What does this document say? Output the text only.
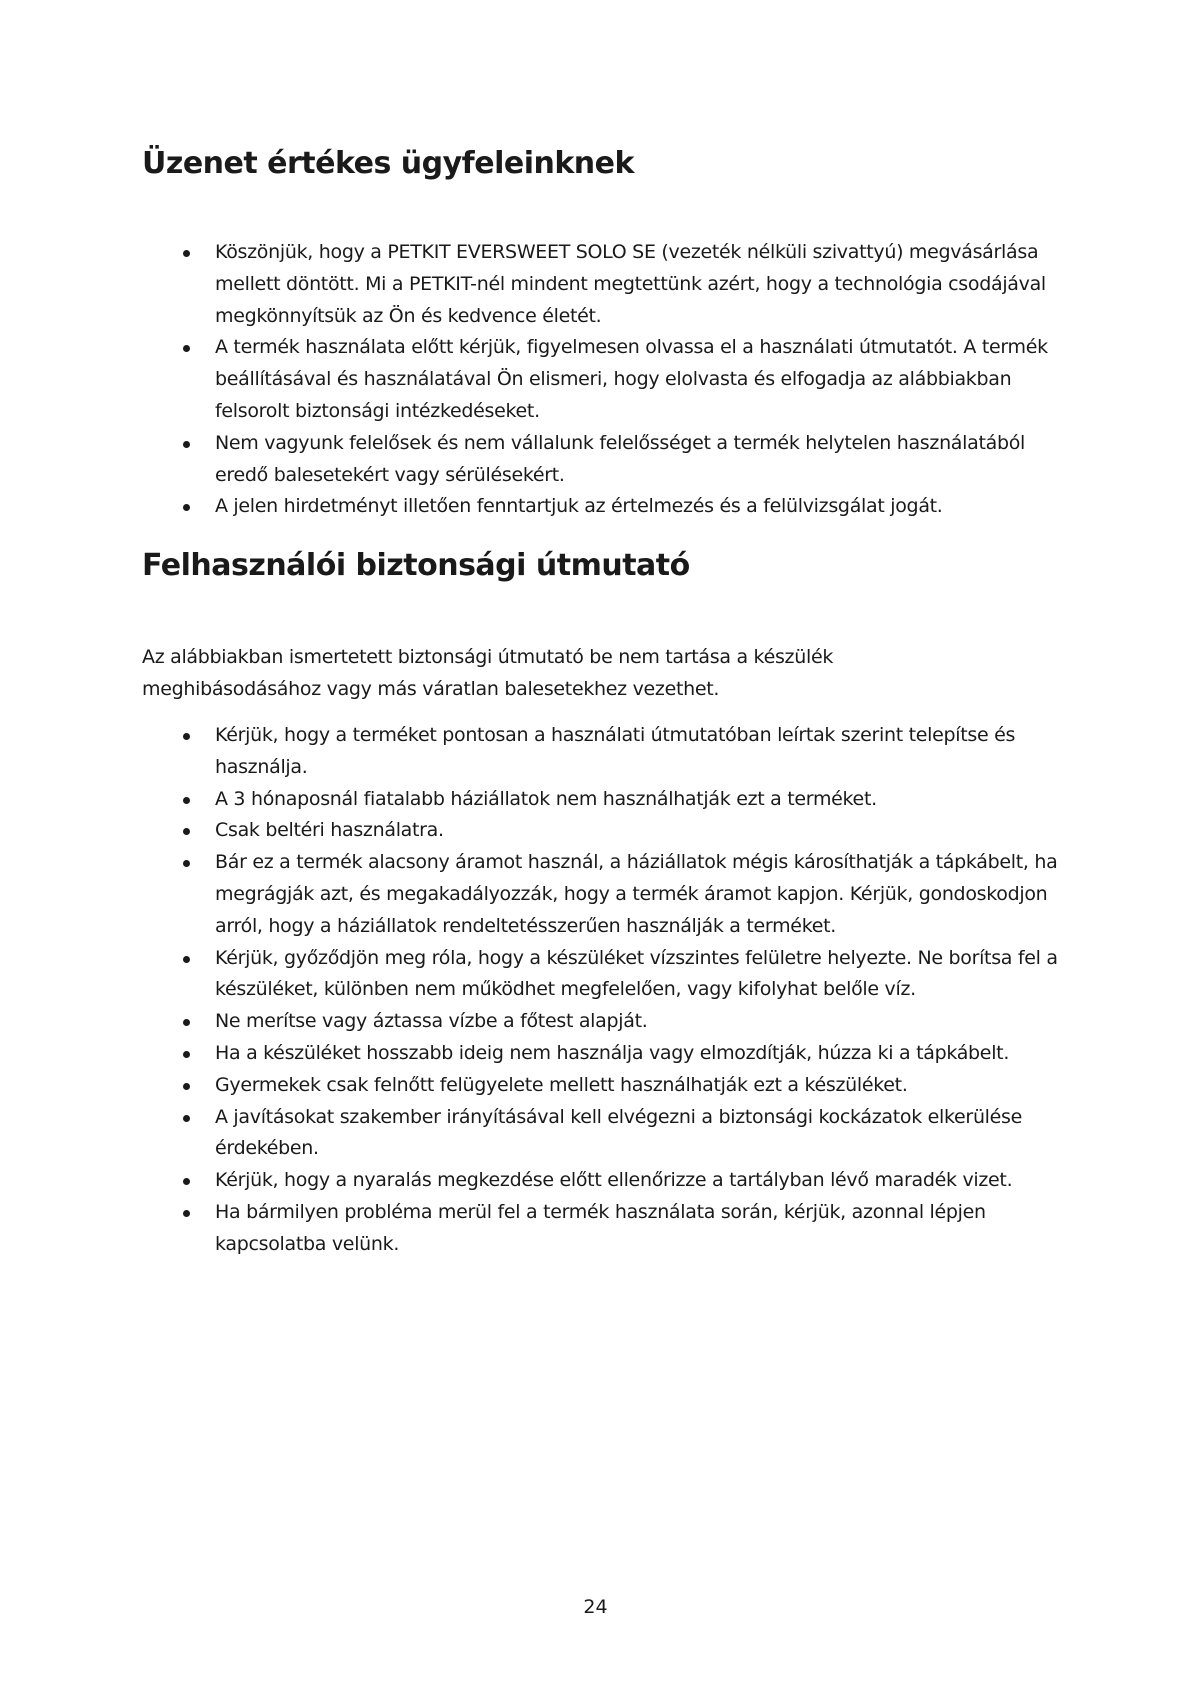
Üzenet értékes ügyfeleinknek
Köszönjük, hogy a PETKIT EVERSWEET SOLO SE (vezeték nélküli szivattyú) megvásárlása mellett döntött. Mi a PETKIT-nél mindent megtettünk azért, hogy a technológia csodájával megkönnyítsük az Ön és kedvence életét.
A termék használata előtt kérjük, figyelmesen olvassa el a használati útmutatót. A termék beállításával és használatával Ön elismeri, hogy elolvasta és elfogadja az alábbiakban felsorolt biztonsági intézkedéseket.
Nem vagyunk felelősek és nem vállalunk felelősséget a termék helytelen használatából eredő balesetekért vagy sérülésekért.
A jelen hirdetményt illetően fenntartjuk az értelmezés és a felülvizsgálat jogát.
Felhasználói biztonsági útmutató

Az alábbiakban ismertetett biztonsági útmutató be nem tartása a készülék meghibásodásához vagy más váratlan balesetekhez vezethet.

Kérjük, hogy a terméket pontosan a használati útmutatóban leírtak szerint telepítse és használja.
A 3 hónaposnál fiatalabb háziállatok nem használhatják ezt a terméket.
Csak beltéri használatra.
Bár ez a termék alacsony áramot használ, a háziállatok mégis károsíthatják a tápkábelt, ha megrágják azt, és megakadályozzák, hogy a termék áramot kapjon. Kérjük, gondoskodjon arról, hogy a háziállatok rendeltetésszerűen használják a terméket.
Kérjük, győződjön meg róla, hogy a készüléket vízszintes felületre helyezte. Ne borítsa fel a készüléket, különben nem működhet megfelelően, vagy kifolyhat belőle víz.
Ne merítse vagy áztassa vízbe a főtest alapját.
Ha a készüléket hosszabb ideig nem használja vagy elmozdítják, húzza ki a tápkábelt.
Gyermekek csak felnőtt felügyelete mellett használhatják ezt a készüléket.
A javításokat szakember irányításával kell elvégezni a biztonsági kockázatok elkerülése érdekében.
Kérjük, hogy a nyaralás megkezdése előtt ellenőrizze a tartályban lévő maradék vizet.
Ha bármilyen probléma merül fel a termék használata során, kérjük, azonnal lépjen kapcsolatba velünk.
24
